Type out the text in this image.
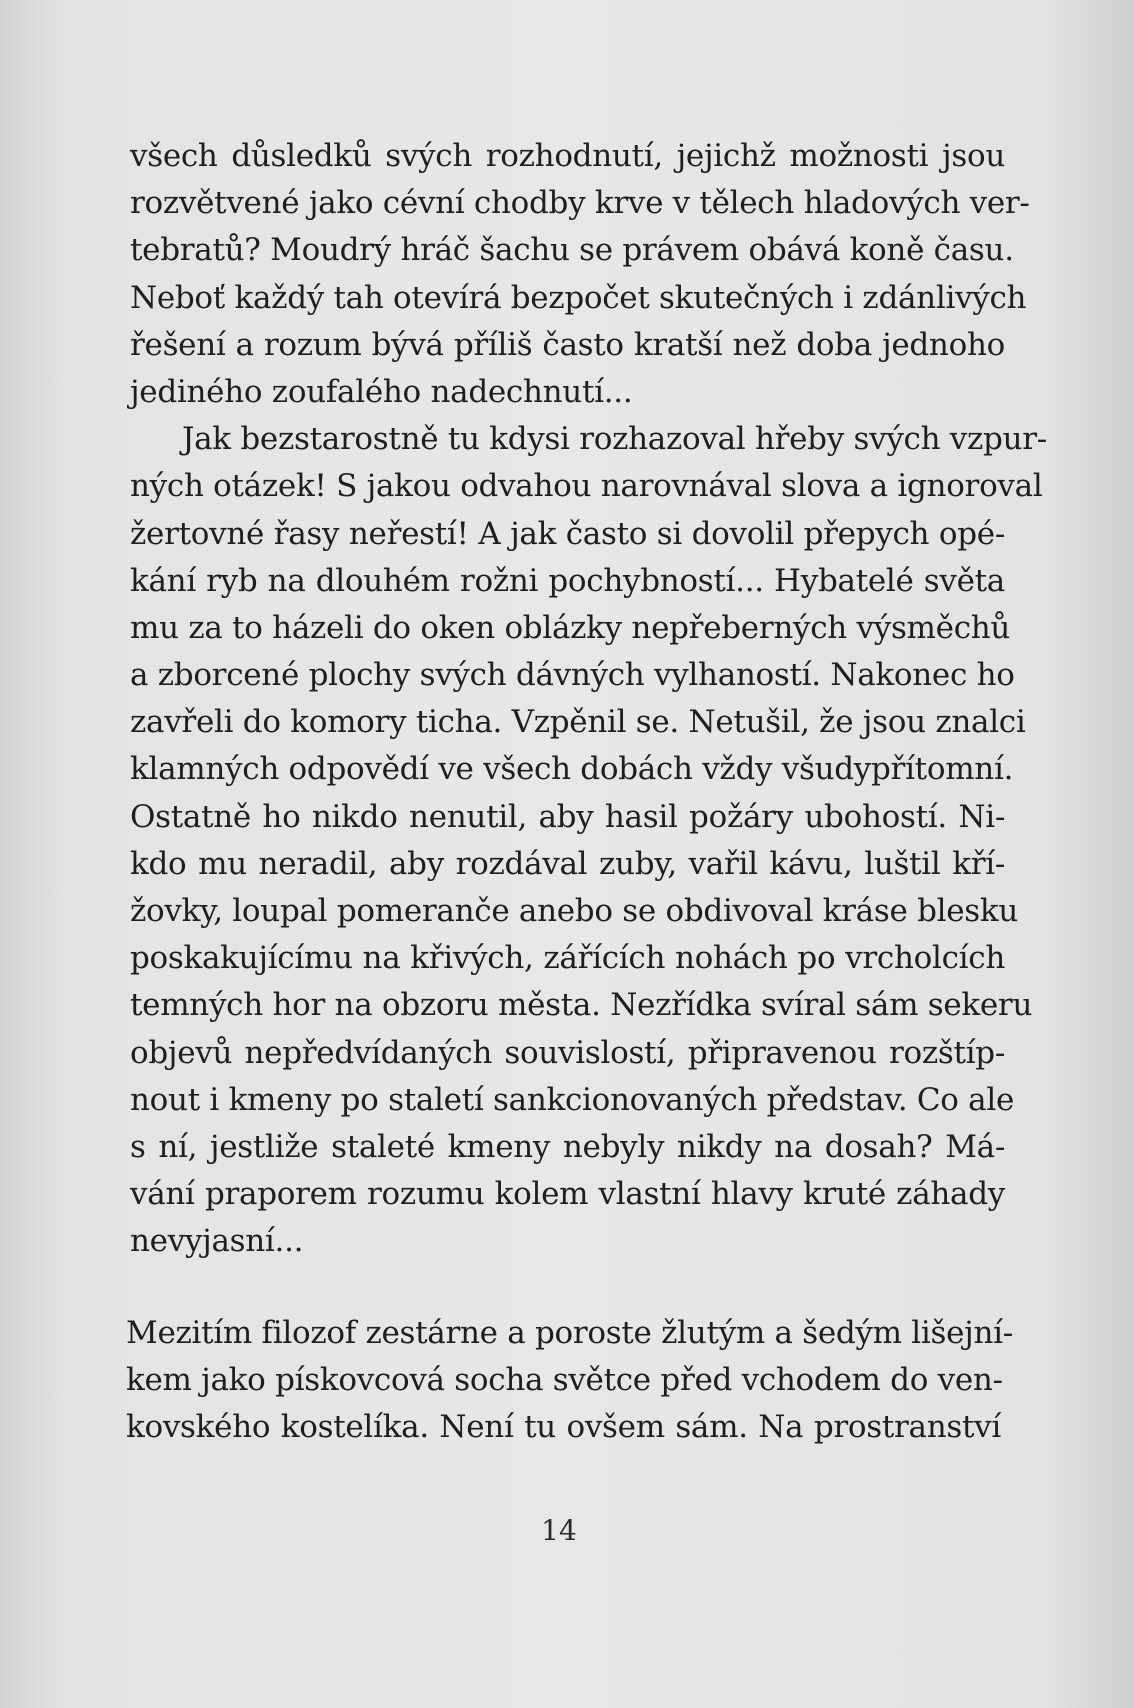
všech důsledků svých rozhodnutí, jejichž možnosti jsou
rozvětvené jako cévní chodby krve v tělech hladových ver-
tebratů? Moudrý hráč šachu se právem obává koně času.
Neboť každý tah otevírá bezpočet skutečných i zdánlivých
řešení a rozum bývá příliš často kratší než doba jednoho
jediného zoufalého nadechnutí...
Jak bezstarostně tu kdysi rozhazoval hřeby svých vzpur-
ných otázek! S jakou odvahou narovnával slova a ignoroval
žertovné řasy neřestí! A jak často si dovolil přepych opé-
kání ryb na dlouhém rožni pochybností... Hybatelé světa
mu za to házeli do oken oblázky nepřeberných výsměchů
a zborcené plochy svých dávných vylhaností. Nakonec ho
zavřeli do komory ticha. Vzpěnil se. Netušil, že jsou znalci
klamných odpovědí ve všech dobách vždy všudypřítomní.
Ostatně ho nikdo nenutil, aby hasil požáry ubohostí. Ni-
kdo mu neradil, aby rozdával zuby, vařil kávu, luštil kří-
žovky, loupal pomeranče anebo se obdivoval kráse blesku
poskakujícímu na křivých, zářících nohách po vrcholcích
temných hor na obzoru města. Nezřídka svíral sám sekeru
objevů nepředvídaných souvislostí, připravenou rozštíp-
nout i kmeny po staletí sankcionovaných představ. Co ale
s ní, jestliže staleté kmeny nebyly nikdy na dosah? Má-
vání praporem rozumu kolem vlastní hlavy kruté záhady
nevyjasní...
Mezitím filozof zestárne a poroste žlutým a šedým lišejní-
kem jako pískovcová socha světce před vchodem do ven-
kovského kostelíka. Není tu ovšem sám. Na prostranství
14
